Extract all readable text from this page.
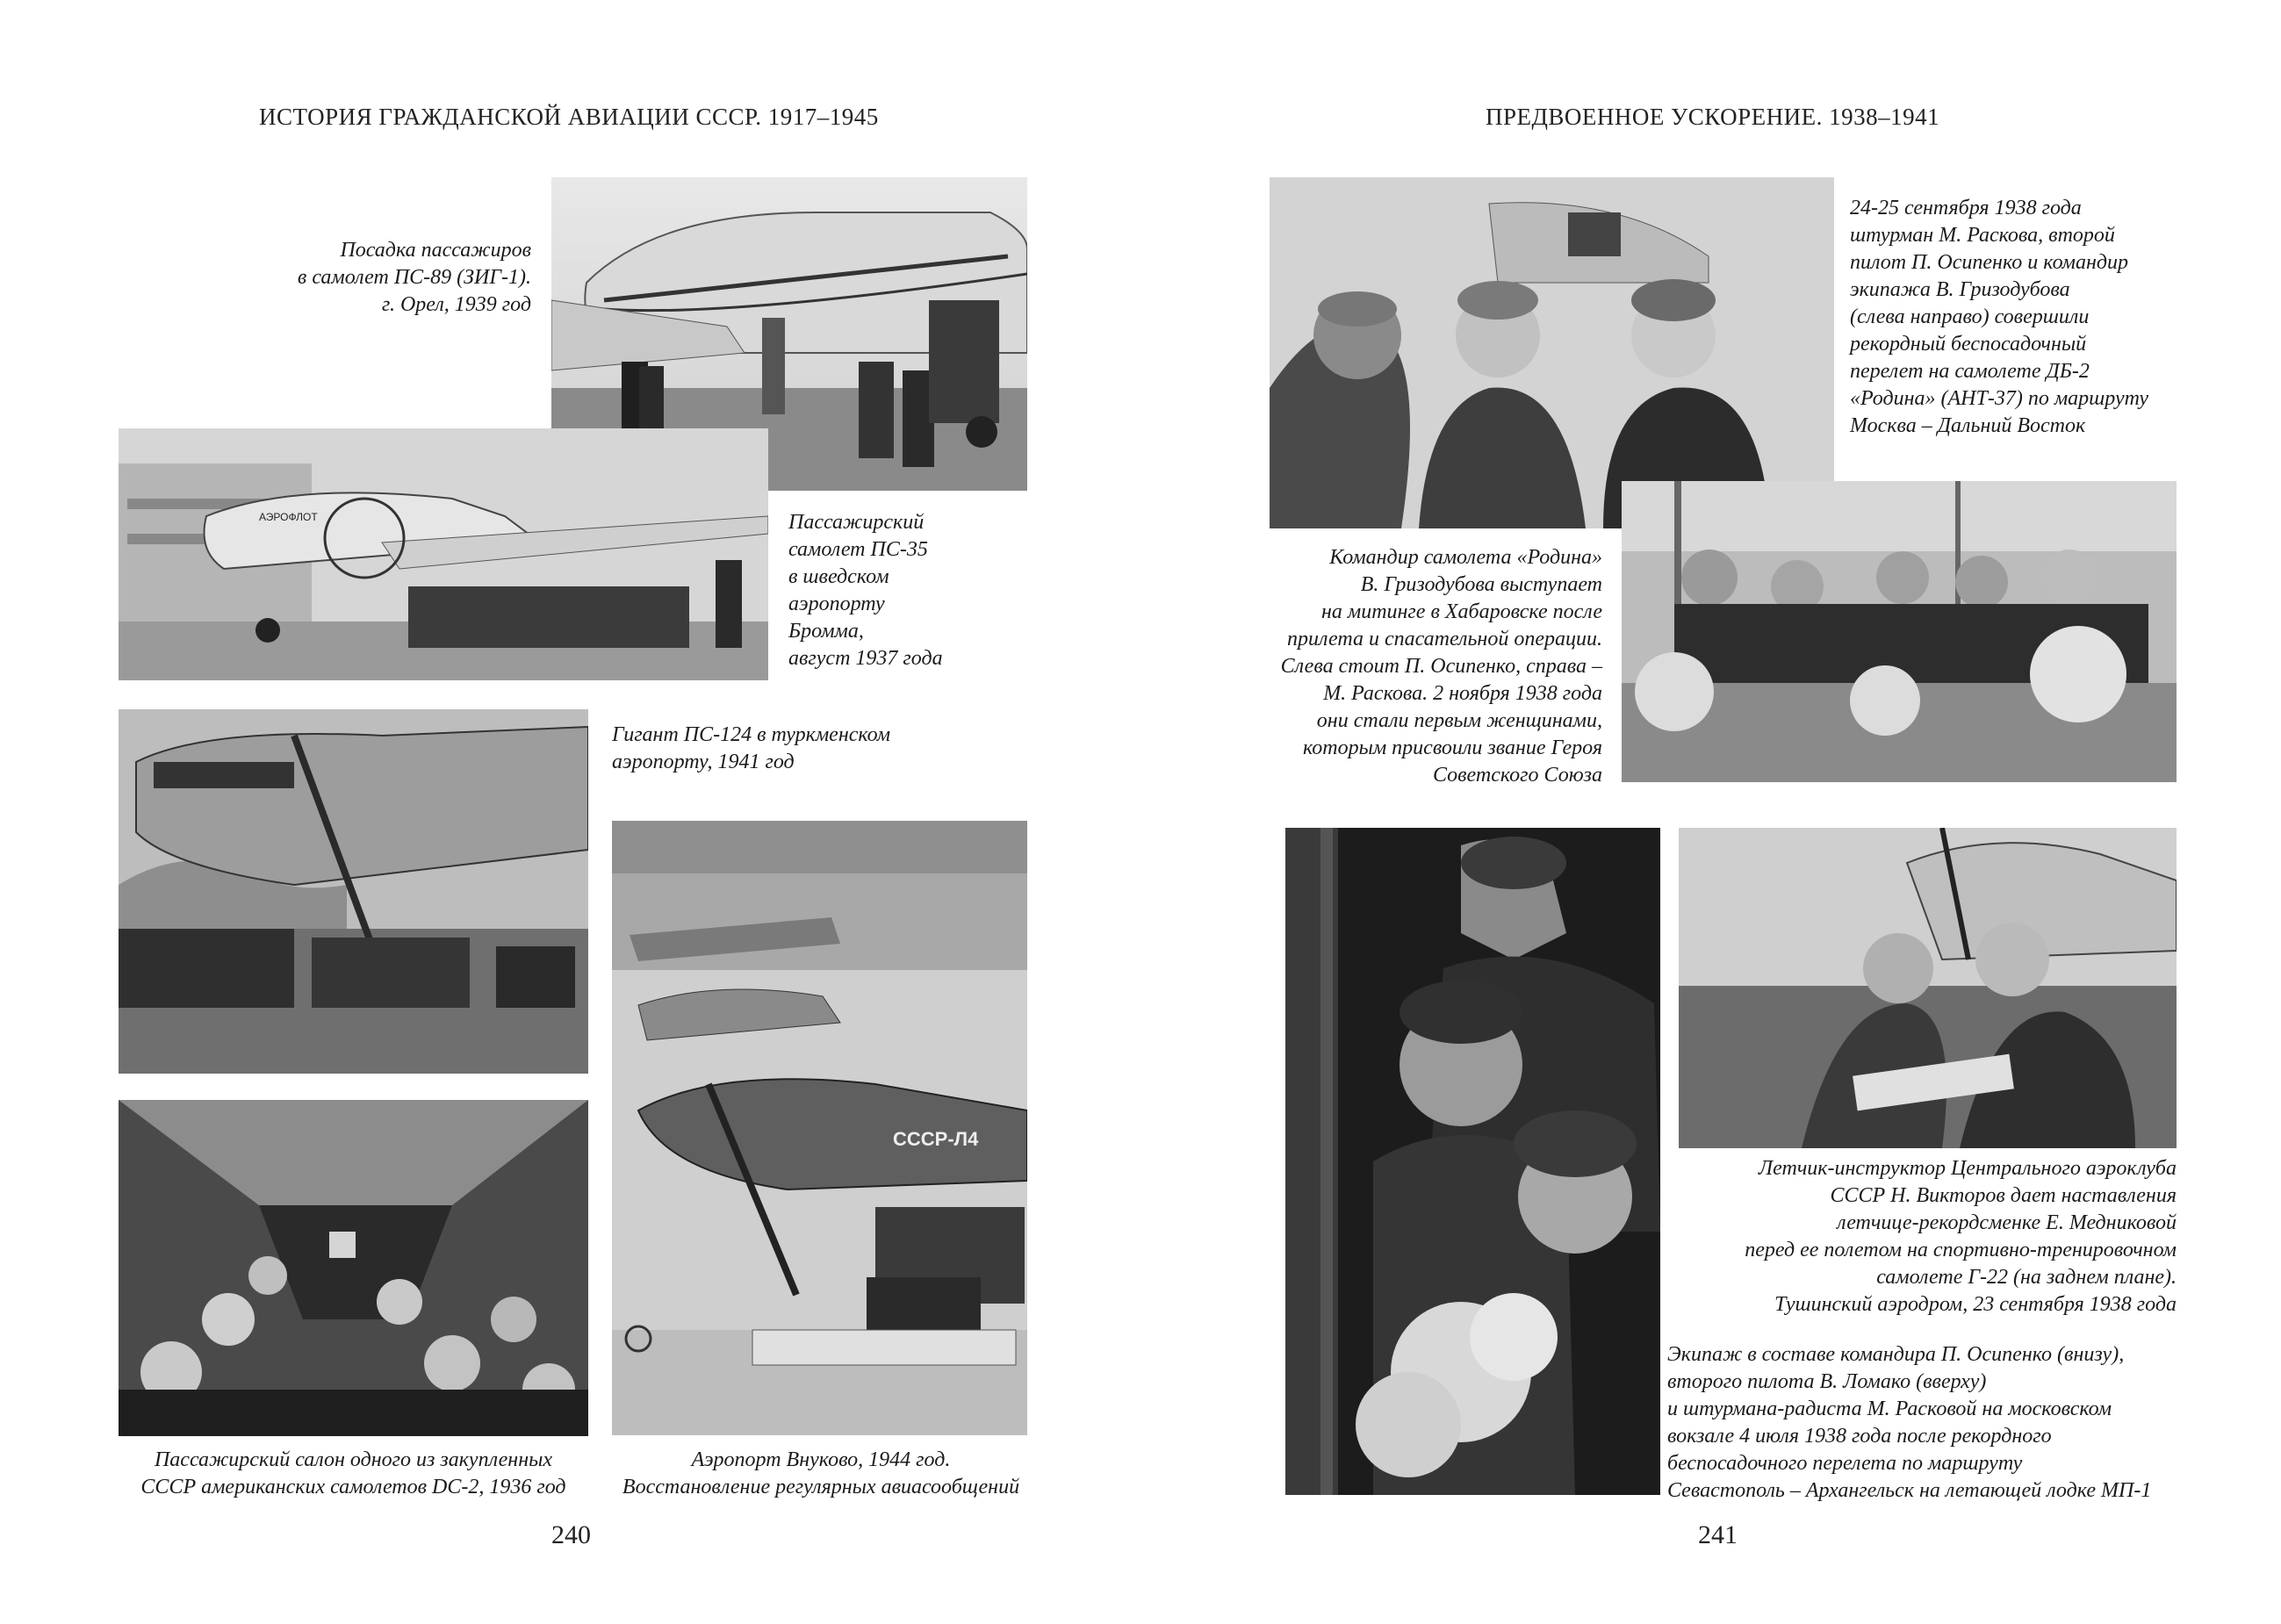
ИСТОРИЯ ГРАЖДАНСКОЙ АВИАЦИИ СССР. 1917–1945
Посадка пассажиров
в самолет ПС-89 (ЗИГ-1).
г. Орел, 1939 год
АЭРОФЛОТ	Пассажирский
самолет ПС-35
в шведском
аэропорту
Бромма,
август 1937 года
Гигант ПС-124 в туркменском
аэропорту, 1941 год
Пассажирский салон одного из закупленных
СССР американских самолетов DC-2, 1936 год
СССР-Л4
Аэропорт Внуково, 1944 год.
Восстановление регулярных авиасообщений
240
ПРЕДВОЕННОЕ УСКОРЕНИЕ. 1938–1941
24-25 сентября 1938 года
штурман М. Раскова, второй
пилот П. Осипенко и командир
экипажа В. Гризодубова
(слева направо) совершили
рекордный беспосадочный
перелет на самолете ДБ-2
«Родина» (АНТ-37) по маршруту
Москва – Дальний Восток
Командир самолета «Родина»
В. Гризодубова выступает
на митинге в Хабаровске после
прилета и спасательной операции.
Слева стоит П. Осипенко, справа –
М. Раскова. 2 ноября 1938 года
они стали первым женщинами,
которым присвоили звание Героя
Советского Союза
Летчик-инструктор Центрального аэроклуба
СССР Н. Викторов дает наставления
летчице-рекордсменке Е. Медниковой
перед ее полетом на спортивно-тренировочном
самолете Г-22 (на заднем плане).
Тушинский аэродром, 23 сентября 1938 года
Экипаж в составе командира П. Осипенко (внизу),
второго пилота В. Ломако (вверху)
и штурмана-радиста М. Расковой на московском
вокзале 4 июля 1938 года после рекордного
беспосадочного перелета по маршруту
Севастополь – Архангельск на летающей лодке МП-1
241
